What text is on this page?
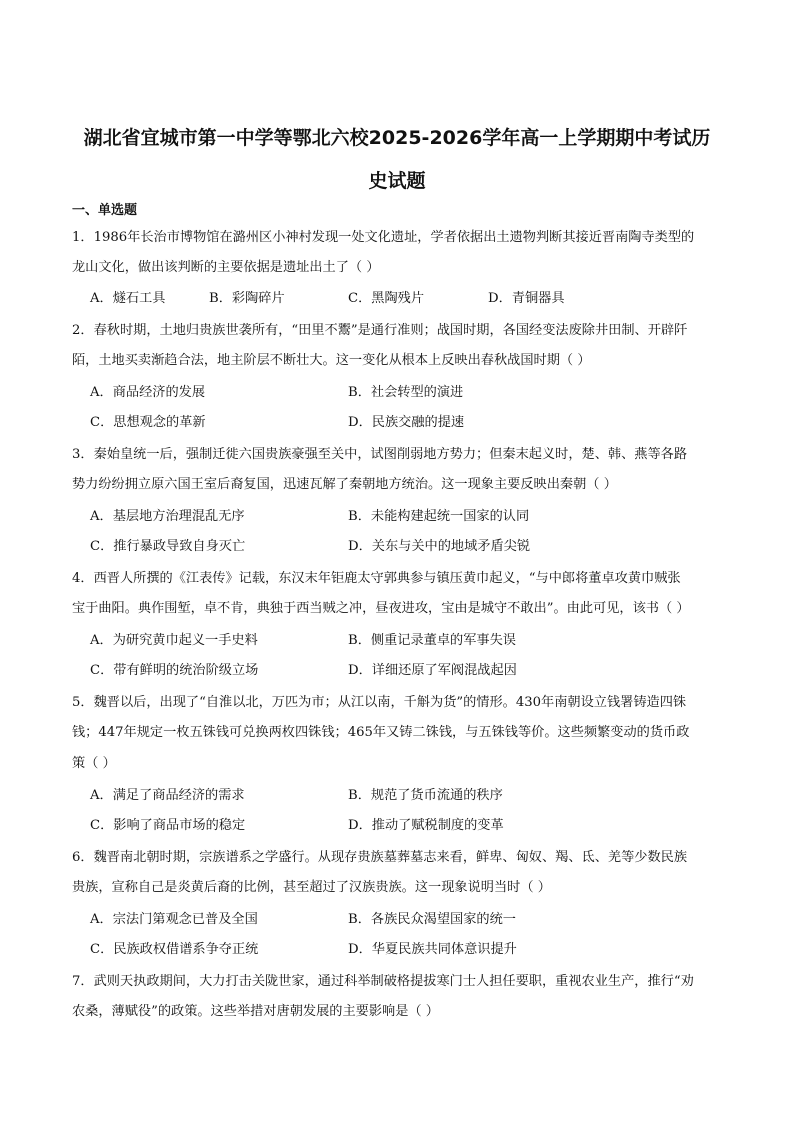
湖北省宜城市第一中学等鄂北六校2025-2026学年高一上学期期中考试历
史试题
一、单选题
1．1986年长治市博物馆在潞州区小神村发现一处文化遗址，学者依据出土遗物判断其接近晋南陶寺类型的
龙山文化，做出该判断的主要依据是遗址出土了（ ）
A．燧石工具	B．彩陶碎片	C．黑陶残片	D．青铜器具
2．春秋时期，土地归贵族世袭所有，“田里不鬻”是通行准则；战国时期，各国经变法废除井田制、开辟阡
陌，土地买卖渐趋合法，地主阶层不断壮大。这一变化从根本上反映出春秋战国时期（ ）
A．商品经济的发展	B．社会转型的演进
C．思想观念的革新	D．民族交融的提速
3．秦始皇统一后，强制迁徙六国贵族豪强至关中，试图削弱地方势力；但秦末起义时，楚、韩、燕等各路
势力纷纷拥立原六国王室后裔复国，迅速瓦解了秦朝地方统治。这一现象主要反映出秦朝（ ）
A．基层地方治理混乱无序	B．未能构建起统一国家的认同
C．推行暴政导致自身灭亡	D．关东与关中的地域矛盾尖锐
4．西晋人所撰的《江表传》记载，东汉末年钜鹿太守郭典参与镇压黄巾起义，“与中郎将董卓攻黄巾贼张
宝于曲阳。典作围堑，卓不肯，典独于西当贼之冲，昼夜进攻，宝由是城守不敢出”。由此可见，该书（ ）
A．为研究黄巾起义一手史料	B．侧重记录董卓的军事失误
C．带有鲜明的统治阶级立场	D．详细还原了军阀混战起因
5．魏晋以后，出现了“自淮以北，万匹为市；从江以南，千斛为货”的情形。430年南朝设立钱署铸造四铢
钱；447年规定一枚五铢钱可兑换两枚四铢钱；465年又铸二铢钱，与五铢钱等价。这些频繁变动的货币政
策（ ）
A．满足了商品经济的需求	B．规范了货币流通的秩序
C．影响了商品市场的稳定	D．推动了赋税制度的变革
6．魏晋南北朝时期，宗族谱系之学盛行。从现存贵族墓葬墓志来看，鲜卑、匈奴、羯、氐、羌等少数民族
贵族，宣称自己是炎黄后裔的比例，甚至超过了汉族贵族。这一现象说明当时（ ）
A．宗法门第观念已普及全国	B．各族民众渴望国家的统一
C．民族政权借谱系争夺正统	D．华夏民族共同体意识提升
7．武则天执政期间，大力打击关陇世家，通过科举制破格提拔寒门士人担任要职，重视农业生产，推行“劝
农桑，薄赋役”的政策。这些举措对唐朝发展的主要影响是（ ）
